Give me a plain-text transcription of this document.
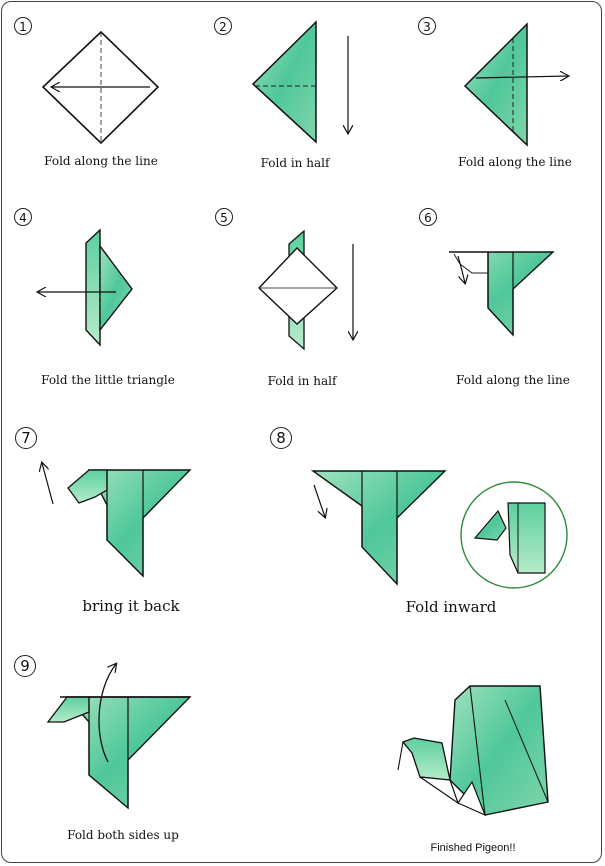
1	2	3
4	5	6
7	8
9
Fold along the line	Fold in half	Fold along the line
Fold the little triangle	Fold in half	Fold along the line
bring it back	Fold inward
Fold both sides up
Finished Pigeon!!
